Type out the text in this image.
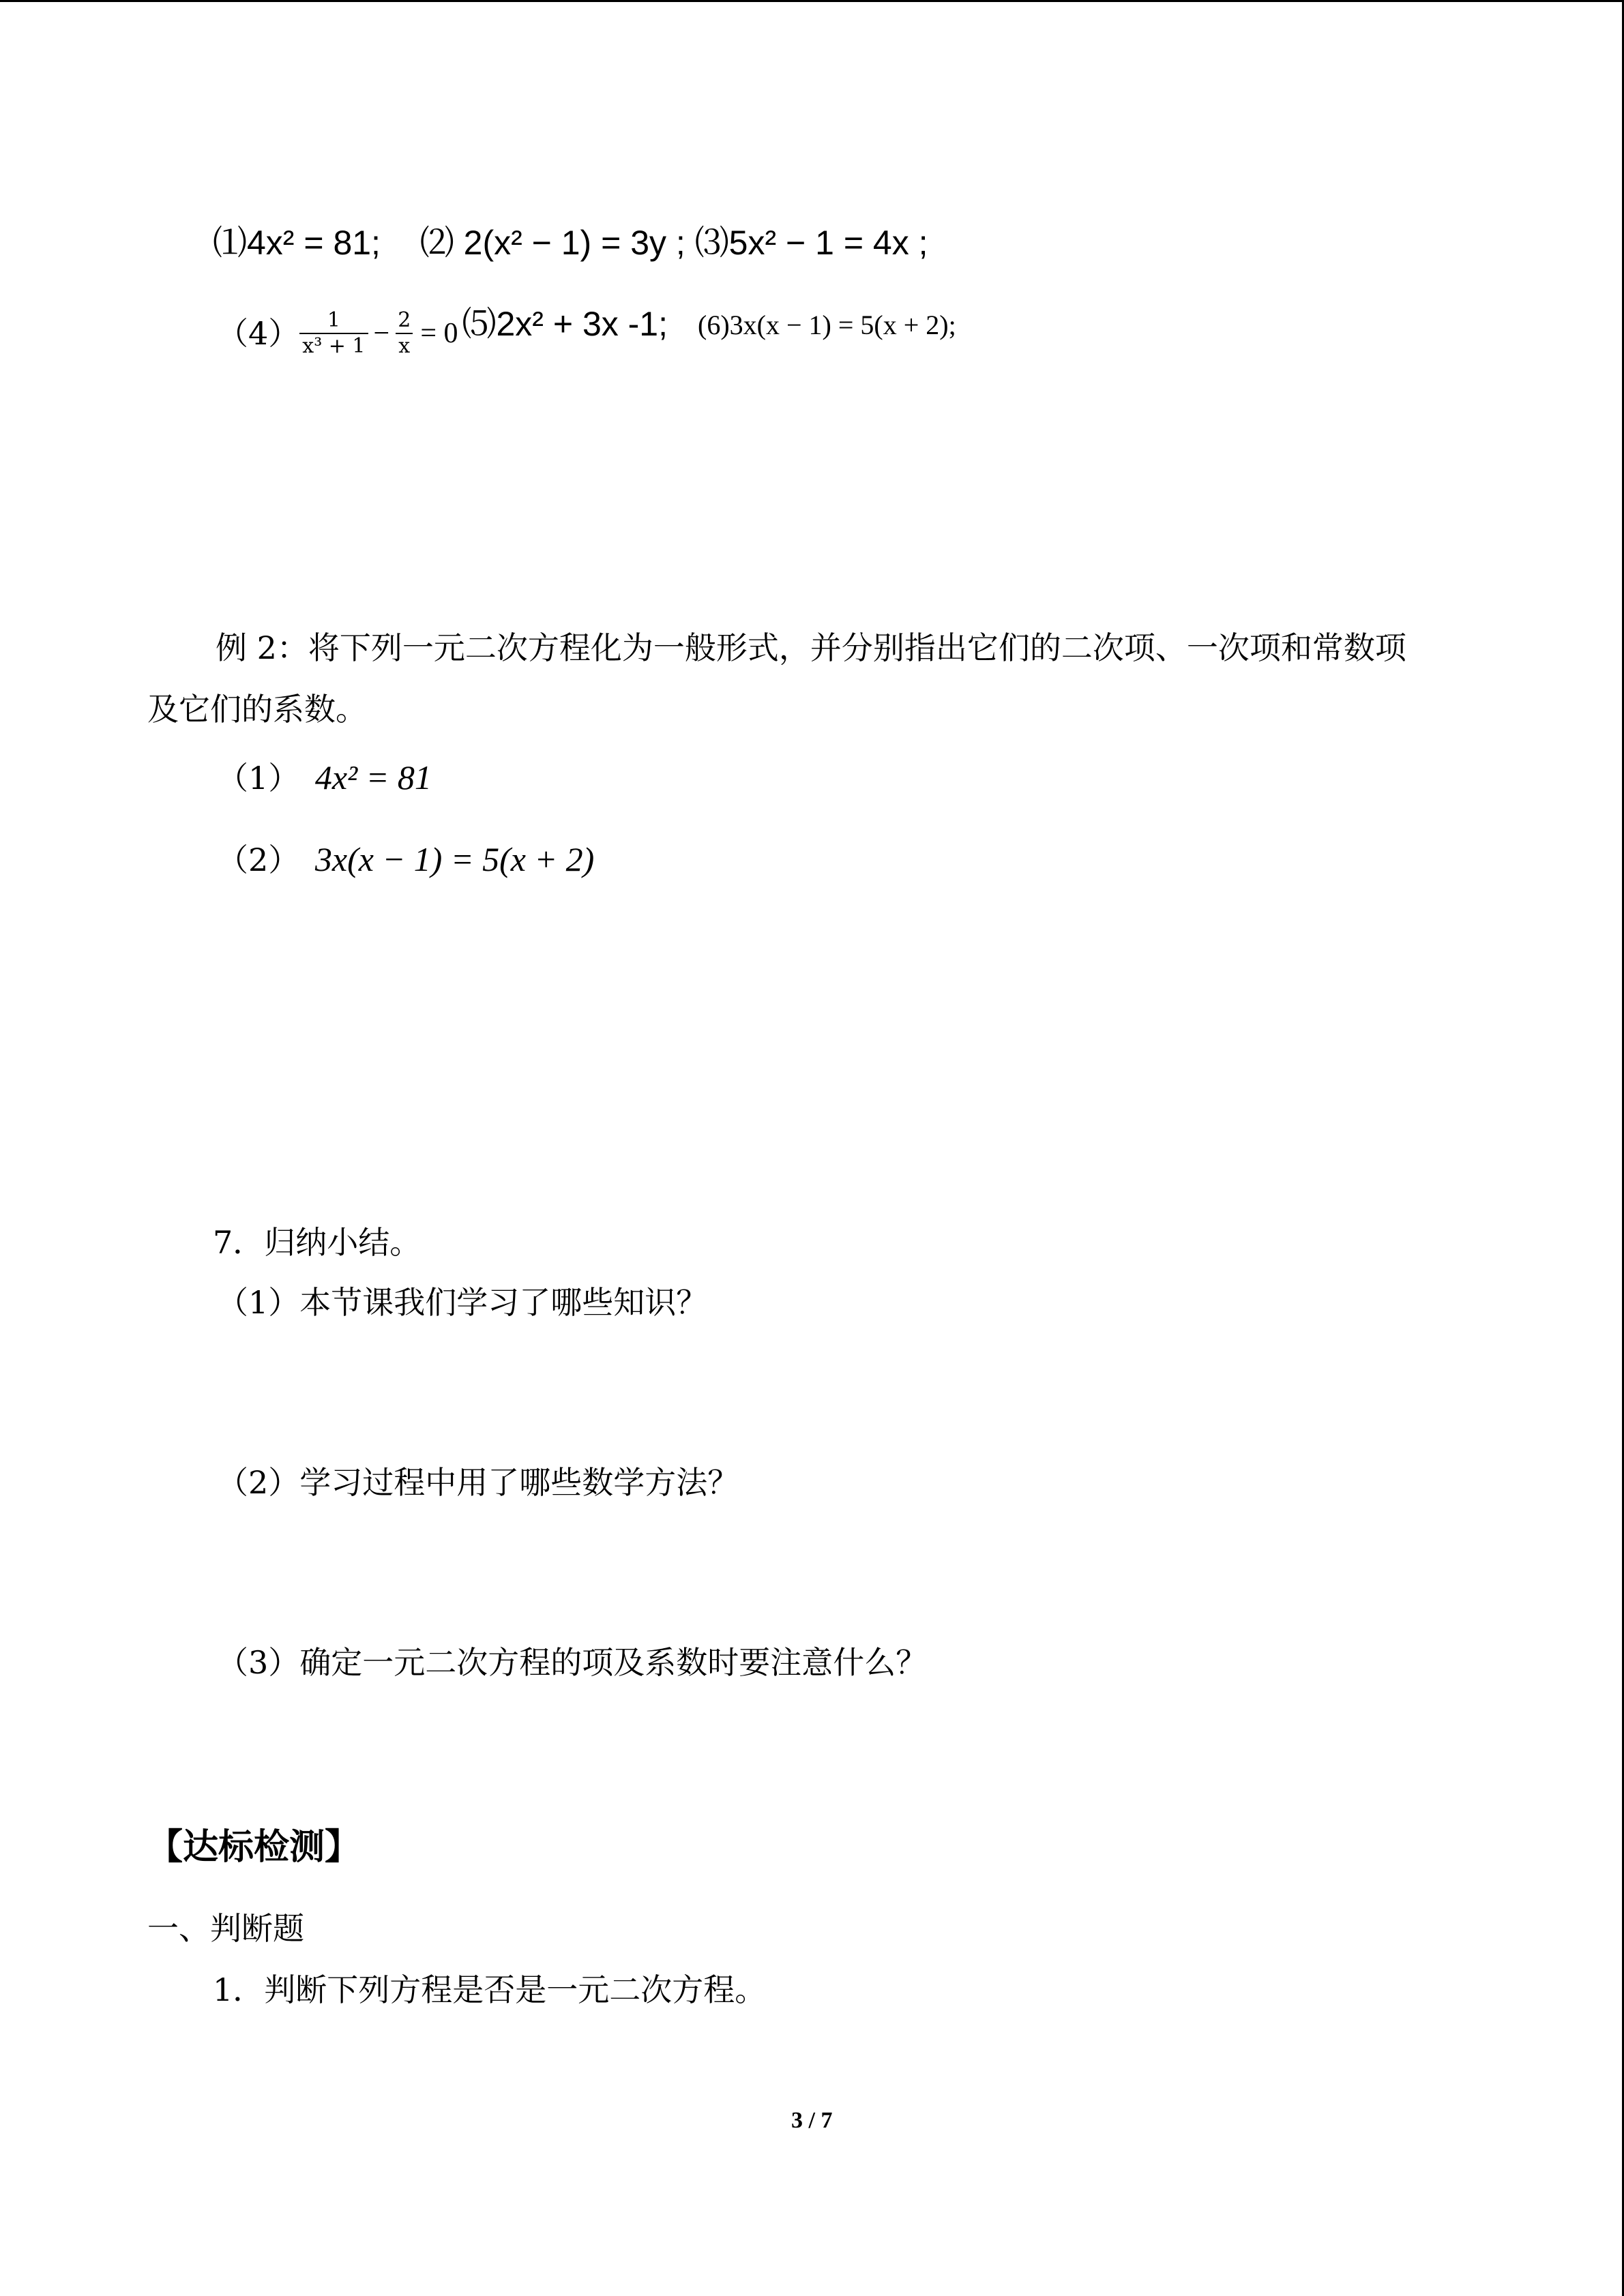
⑴4x² = 81; ⑵ 2(x² − 1) = 3y ; ⑶5x² − 1 = 4x ;
$(4) \frac{1}{\text{x³ + 1}} - \frac{2}{x} = 0$ ⑸2x² + 3x -1; (6)3x(x − 1) = 5(x + 2);
例 2：将下列一元二次方程化为一般形式，并分别指出它们的二次项、一次项和常数项
及它们的系数。
（1） 4x² = 81
（2） 3x(x − 1) = 5(x + 2)
7．归纳小结。
（1）本节课我们学习了哪些知识？
（2）学习过程中用了哪些数学方法？
（3）确定一元二次方程的项及系数时要注意什么？
【达标检测】
一、判断题
1．判断下列方程是否是一元二次方程。
3 / 7
